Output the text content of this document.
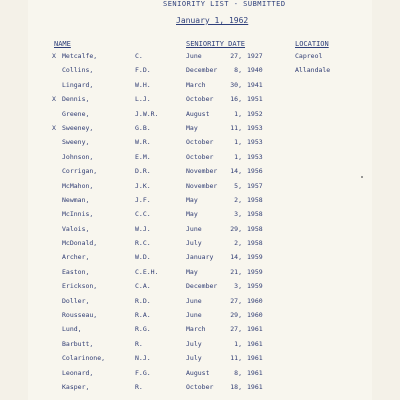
SENIORITY LIST - SUBMITTED
January 1, 1962
NAME	SENIORITY DATE	LOCATION
X Metcalfe,	C.	June	27, 1927	Capreol
Collins,	F.D.	December	8, 1940	Allandale
Lingard,	W.H.	March	30, 1941
X Dennis,	L.J.	October	16, 1951
Greene,	J.W.R.	August	1, 1952
X Sweeney,	G.B.	May	11, 1953
Sweeny,	W.R.	October	1, 1953
Johnson,	E.M.	October	1, 1953
Corrigan,	D.R.	November	14, 1956
McMahon,	J.K.	November	5, 1957
Newman,	J.F.	May	2, 1958
McInnis,	C.C.	May	3, 1958
Valois,	W.J.	June	29, 1958
McDonald,	R.C.	July	2, 1958
Archer,	W.D.	January	14, 1959
Easton,	C.E.H.	May	21, 1959
Erickson,	C.A.	December	3, 1959
Doller,	R.D.	June	27, 1960
Rousseau,	R.A.	June	29, 1960
Lund,	R.G.	March	27, 1961
Barbutt,	R.	July	1, 1961
Colarinone,	N.J.	July	11, 1961
Leonard,	F.G.	August	8, 1961
Kasper,	R.	October	18, 1961
